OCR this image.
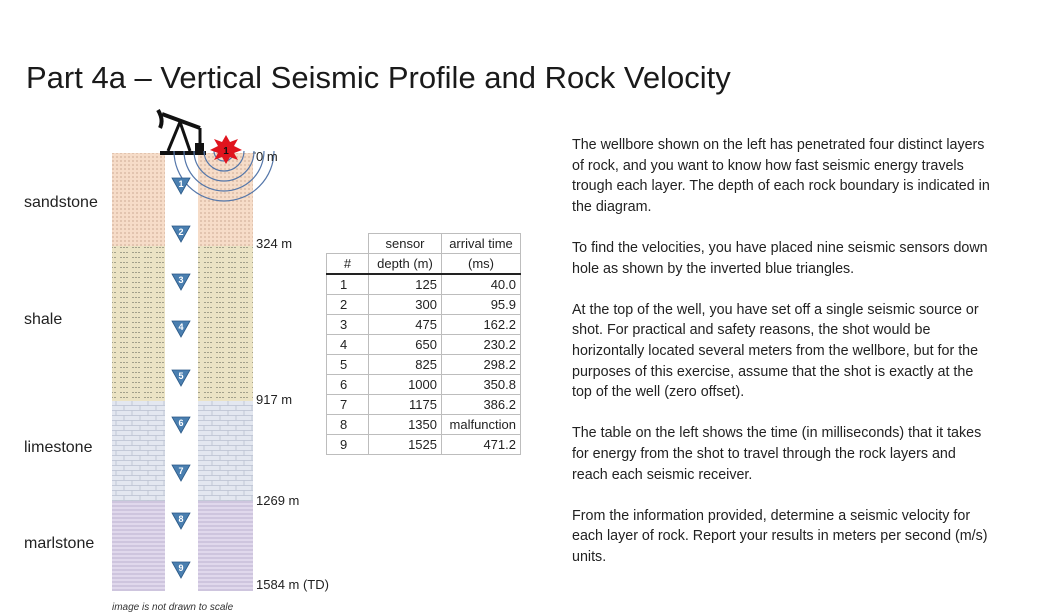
Part 4a – Vertical Seismic Profile and Rock Velocity
1
1
2
3
4
5
6
7
8
9
sandstone
shale
limestone
marlstone
0 m
324 m
917 m
1269 m
1584 m (TD)
image is not drawn to scale
	sensor	arrival time
#	depth (m)	(ms)
1	125	40.0
2	300	95.9
3	475	162.2
4	650	230.2
5	825	298.2
6	1000	350.8
7	1175	386.2
8	1350	malfunction
9	1525	471.2

The wellbore shown on the left has penetrated four distinct layers of rock, and you want to know how fast seismic energy travels trough each layer. The depth of each rock boundary is indicated in the diagram.

To find the velocities, you have placed nine seismic sensors down hole as shown by the inverted blue triangles.

At the top of the well, you have set off a single seismic source or shot. For practical and safety reasons, the shot would be horizontally located several meters from the wellbore, but for the purposes of this exercise, assume that the shot is exactly at the top of the well (zero offset).

The table on the left shows the time (in milliseconds) that it takes for energy from the shot to travel through the rock layers and reach each seismic receiver.

From the information provided, determine a seismic velocity for each layer of rock. Report your results in meters per second (m/s) units.
